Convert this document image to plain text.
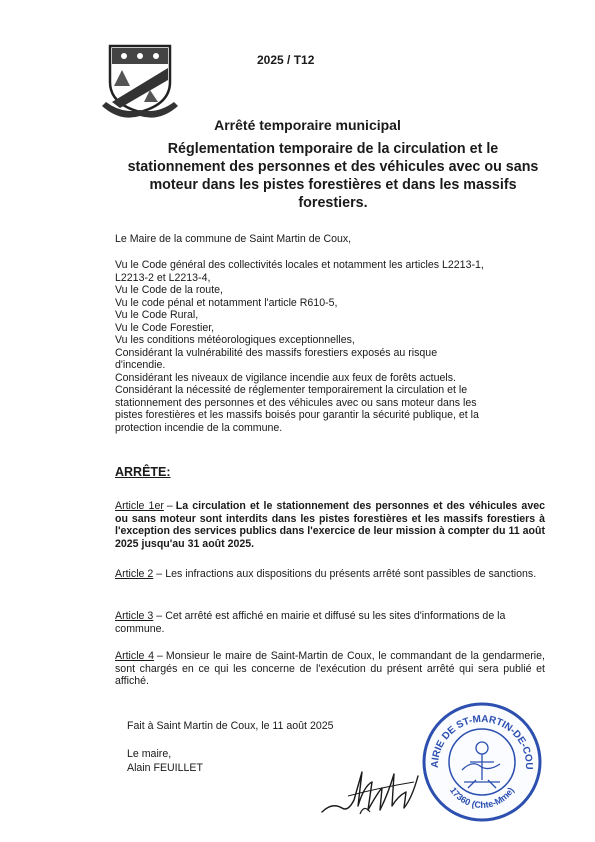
2025 / T12
Arrêté temporaire municipal
Réglementation temporaire de la circulation et le
stationnement des personnes et des véhicules avec ou sans
moteur dans les pistes forestières et dans les massifs
forestiers.
Le Maire de la commune de Saint Martin de Coux,
Vu le Code général des collectivités locales et notamment les articles L2213-1,
L2213-2 et L2213-4,
Vu le Code de la route,
Vu le code pénal et notamment l'article R610-5,
Vu le Code Rural,
Vu le Code Forestier,
Vu les conditions météorologiques exceptionnelles,
Considérant la vulnérabilité des massifs forestiers exposés au risque
d'incendie.
Considérant les niveaux de vigilance incendie aux feux de forêts actuels.
Considérant la nécessité de réglementer temporairement la circulation et le
stationnement des personnes et des véhicules avec ou sans moteur dans les
pistes forestières et les massifs boisés pour garantir la sécurité publique, et la
protection incendie de la commune.
ARRÊTE:
Article 1er – La circulation et le stationnement des personnes et des véhicules avec ou sans moteur sont interdits dans les pistes forestières et les massifs forestiers à l'exception des services publics dans l'exercice de leur mission à compter du 11 août 2025 jusqu'au 31 août 2025.
Article 2 – Les infractions aux dispositions du présents arrêté sont passibles de sanctions.
Article 3 – Cet arrêté est affiché en mairie et diffusé su les sites d'informations de la commune.
Article 4 – Monsieur le maire de Saint-Martin de Coux, le commandant de la gendarmerie, sont chargés en ce qui les concerne de l'exécution du présent arrêté qui sera publié et affiché.
Fait à Saint Martin de Coux, le 11 août 2025
Le maire,
Alain FEUILLET	AIRIE DE ST-MARTIN-DE-COU
17360 (Chte-Mme)
